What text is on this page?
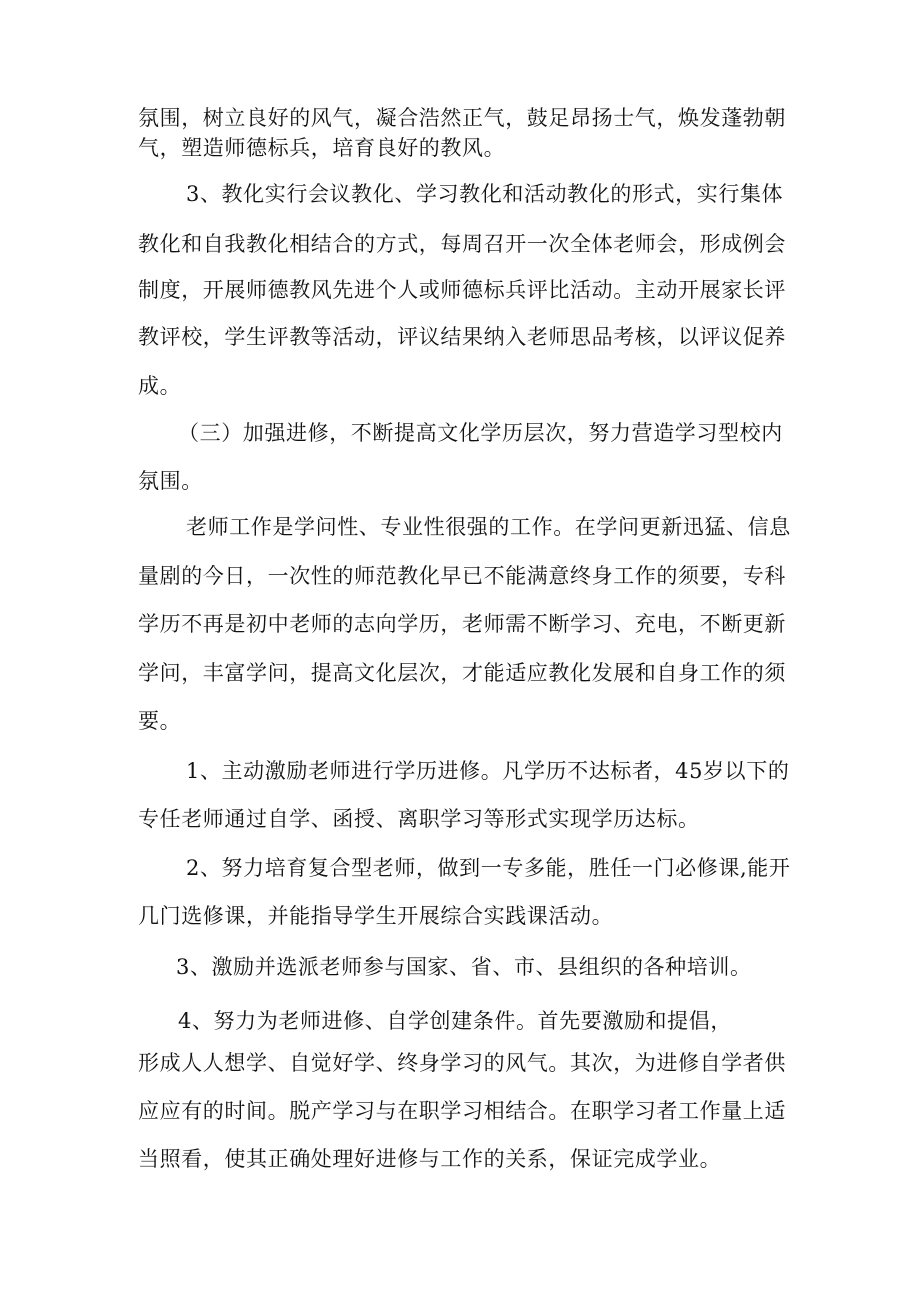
氛围，树立良好的风气，凝合浩然正气，鼓足昂扬士气，焕发蓬勃朝

气，塑造师德标兵，培育良好的教风。

3、教化实行会议教化、学习教化和活动教化的形式，实行集体

教化和自我教化相结合的方式，每周召开一次全体老师会，形成例会

制度，开展师德教风先进个人或师德标兵评比活动。主动开展家长评

教评校，学生评教等活动，评议结果纳入老师思品考核，以评议促养

成。

（三）加强进修，不断提高文化学历层次，努力营造学习型校内

氛围。

老师工作是学问性、专业性很强的工作。在学问更新迅猛、信息

量剧的今日，一次性的师范教化早已不能满意终身工作的须要，专科

学历不再是初中老师的志向学历，老师需不断学习、充电，不断更新

学问，丰富学问，提高文化层次，才能适应教化发展和自身工作的须

要。

1、主动激励老师进行学历进修。凡学历不达标者，45岁以下的

专任老师通过自学、函授、离职学习等形式实现学历达标。

2、努力培育复合型老师，做到一专多能，胜任一门必修课,能开

几门选修课，并能指导学生开展综合实践课活动。

3、激励并选派老师参与国家、省、市、县组织的各种培训。

4、努力为老师进修、自学创建条件。首先要激励和提倡，

形成人人想学、自觉好学、终身学习的风气。其次，为进修自学者供

应应有的时间。脱产学习与在职学习相结合。在职学习者工作量上适

当照看，使其正确处理好进修与工作的关系，保证完成学业。
